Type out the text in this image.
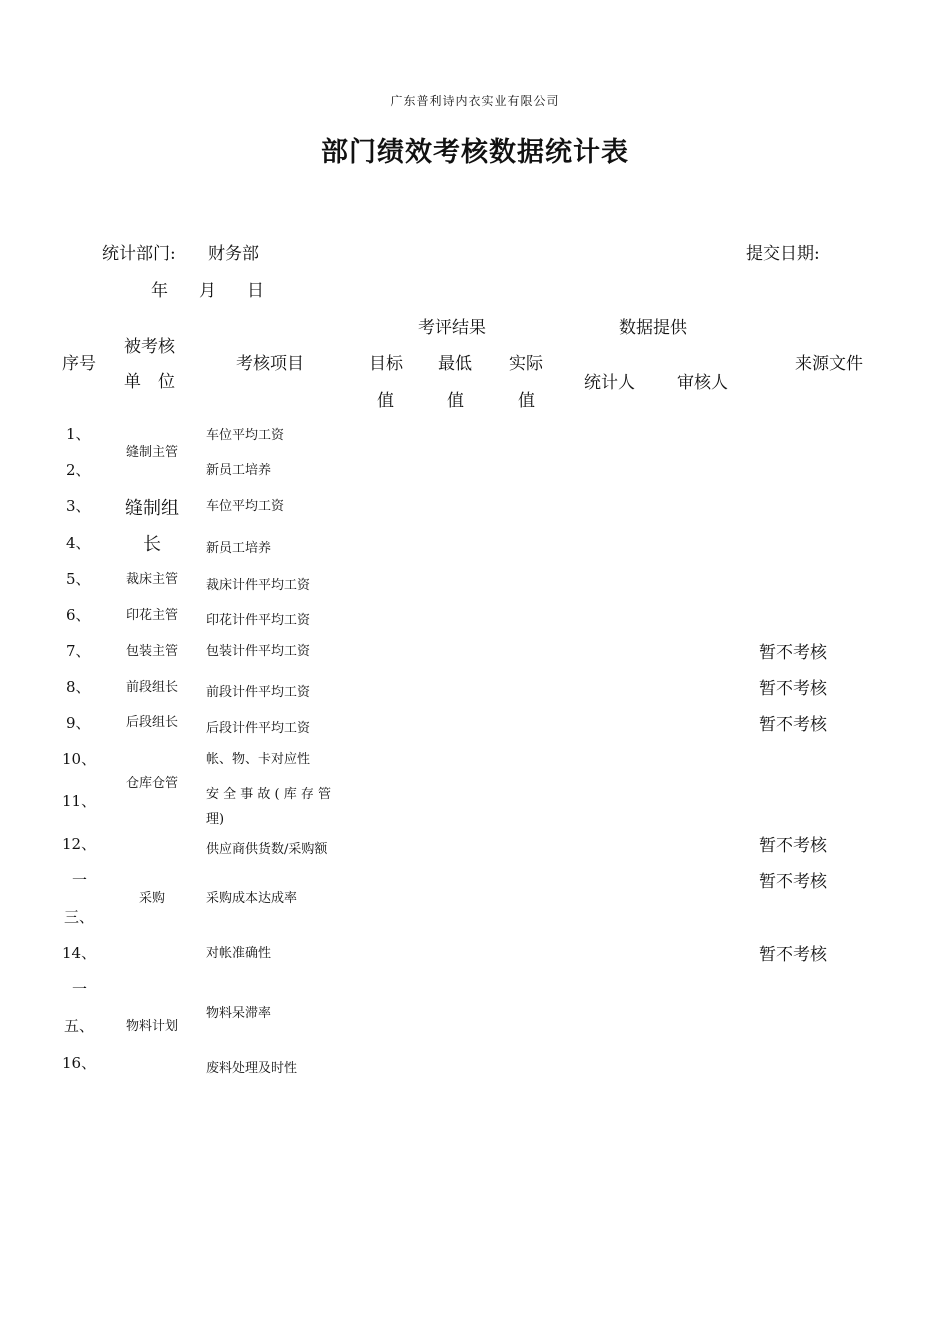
广东普利诗内衣实业有限公司
部门绩效考核数据统计表
统计部门: 财务部	提交日期:
年 月 日
序号
被考核
单　位
考核项目
考评结果
目标
值
最低
值
实际
值
数据提供
统计人 审核人
来源文件
1、
2、
3、
4、
5、
6、
7、
8、
9、
10、
11、
12、
一
三、
14、
一
五、
16、
缝制主管
缝制组
长
裁床主管
印花主管
包装主管
前段组长
后段组长
仓库仓管
采购
物料计划
车位平均工资
新员工培养
车位平均工资
新员工培养
裁床计件平均工资
印花计件平均工资
包装计件平均工资
前段计件平均工资
后段计件平均工资
帐、物、卡对应性
安 全 事 故 ( 库 存 管
理)
供应商供货数/采购额
采购成本达成率
对帐准确性
物料呆滞率
废料处理及时性
暂不考核
暂不考核
暂不考核
暂不考核
暂不考核
暂不考核
